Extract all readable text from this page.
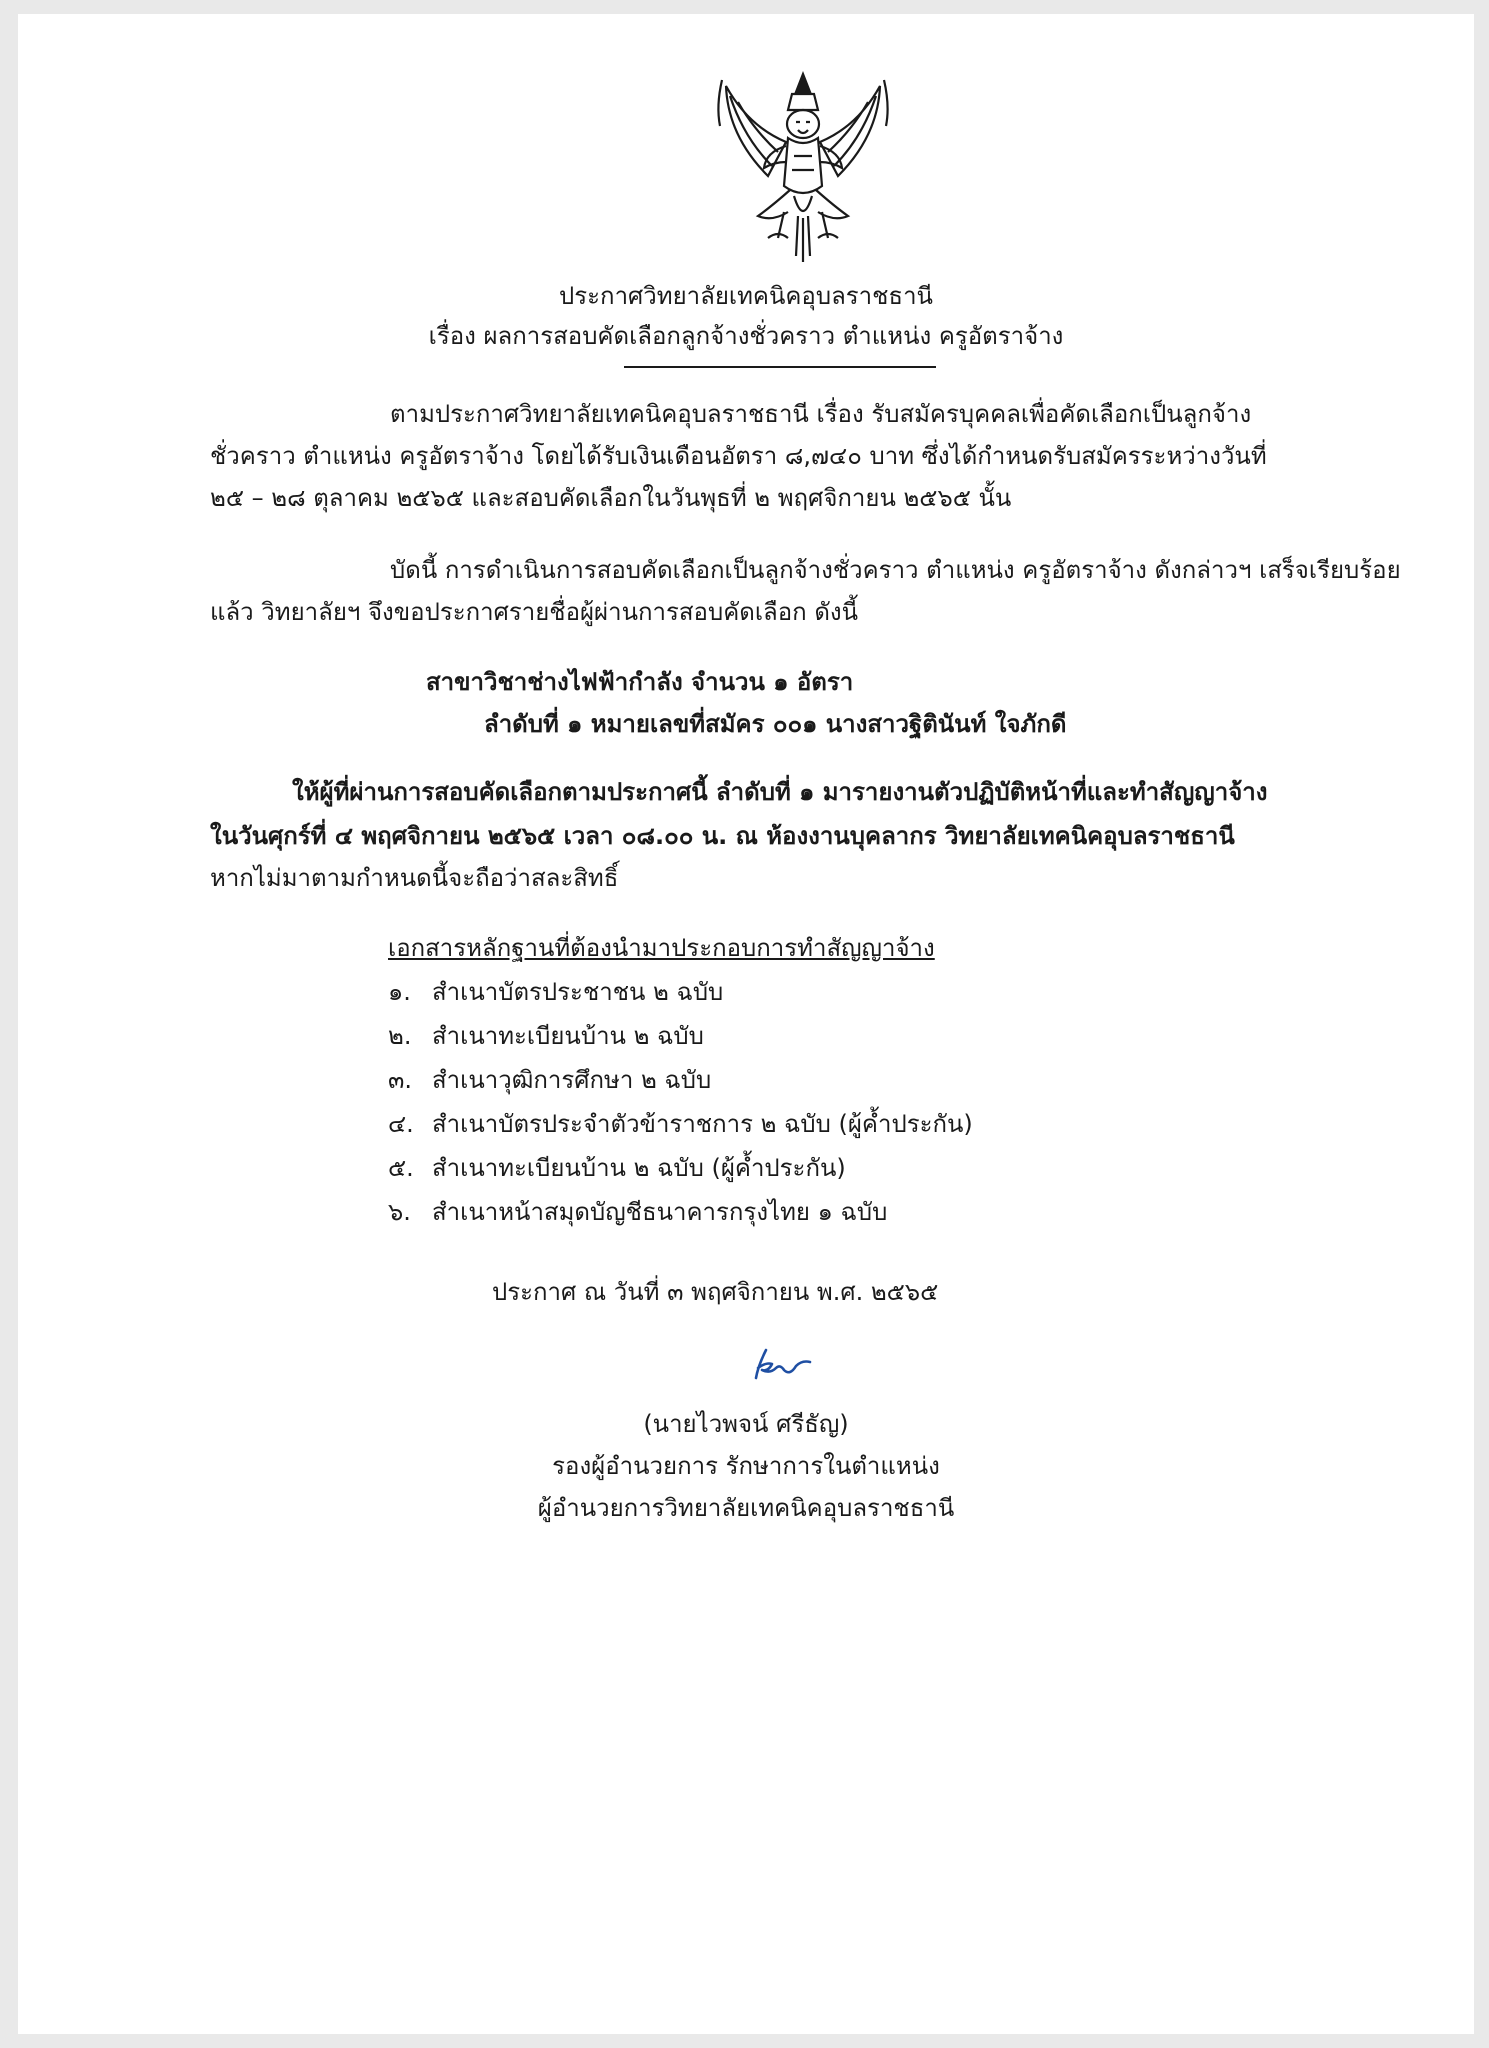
ประกาศวิทยาลัยเทคนิคอุบลราชธานี
เรื่อง ผลการสอบคัดเลือกลูกจ้างชั่วคราว ตำแหน่ง ครูอัตราจ้าง
ตามประกาศวิทยาลัยเทคนิคอุบลราชธานี เรื่อง รับสมัครบุคคลเพื่อคัดเลือกเป็นลูกจ้าง
ชั่วคราว ตำแหน่ง ครูอัตราจ้าง โดยได้รับเงินเดือนอัตรา ๘,๗๔๐ บาท ซึ่งได้กำหนดรับสมัครระหว่างวันที่
๒๕ – ๒๘ ตุลาคม ๒๕๖๕ และสอบคัดเลือกในวันพุธที่ ๒ พฤศจิกายน ๒๕๖๕ นั้น
บัดนี้ การดำเนินการสอบคัดเลือกเป็นลูกจ้างชั่วคราว ตำแหน่ง ครูอัตราจ้าง ดังกล่าวฯ เสร็จเรียบร้อย
แล้ว วิทยาลัยฯ จึงขอประกาศรายชื่อผู้ผ่านการสอบคัดเลือก ดังนี้
สาขาวิชาช่างไฟฟ้ากำลัง จำนวน ๑ อัตรา
ลำดับที่ ๑ หมายเลขที่สมัคร ๐๐๑ นางสาวฐิตินันท์ ใจภักดี
ให้ผู้ที่ผ่านการสอบคัดเลือกตามประกาศนี้ ลำดับที่ ๑ มารายงานตัวปฏิบัติหน้าที่และทำสัญญาจ้าง
ในวันศุกร์ที่ ๔ พฤศจิกายน ๒๕๖๕ เวลา ๐๘.๐๐ น. ณ ห้องงานบุคลากร วิทยาลัยเทคนิคอุบลราชธานี
หากไม่มาตามกำหนดนี้จะถือว่าสละสิทธิ์
เอกสารหลักฐานที่ต้องนำมาประกอบการทำสัญญาจ้าง
๑. สำเนาบัตรประชาชน ๒ ฉบับ
๒. สำเนาทะเบียนบ้าน ๒ ฉบับ
๓. สำเนาวุฒิการศึกษา ๒ ฉบับ
๔. สำเนาบัตรประจำตัวข้าราชการ ๒ ฉบับ (ผู้ค้ำประกัน)
๕. สำเนาทะเบียนบ้าน ๒ ฉบับ (ผู้ค้ำประกัน)
๖. สำเนาหน้าสมุดบัญชีธนาคารกรุงไทย ๑ ฉบับ
ประกาศ ณ วันที่ ๓ พฤศจิกายน พ.ศ. ๒๕๖๕
(นายไวพจน์ ศรีธัญ)
รองผู้อำนวยการ รักษาการในตำแหน่ง
ผู้อำนวยการวิทยาลัยเทคนิคอุบลราชธานี
